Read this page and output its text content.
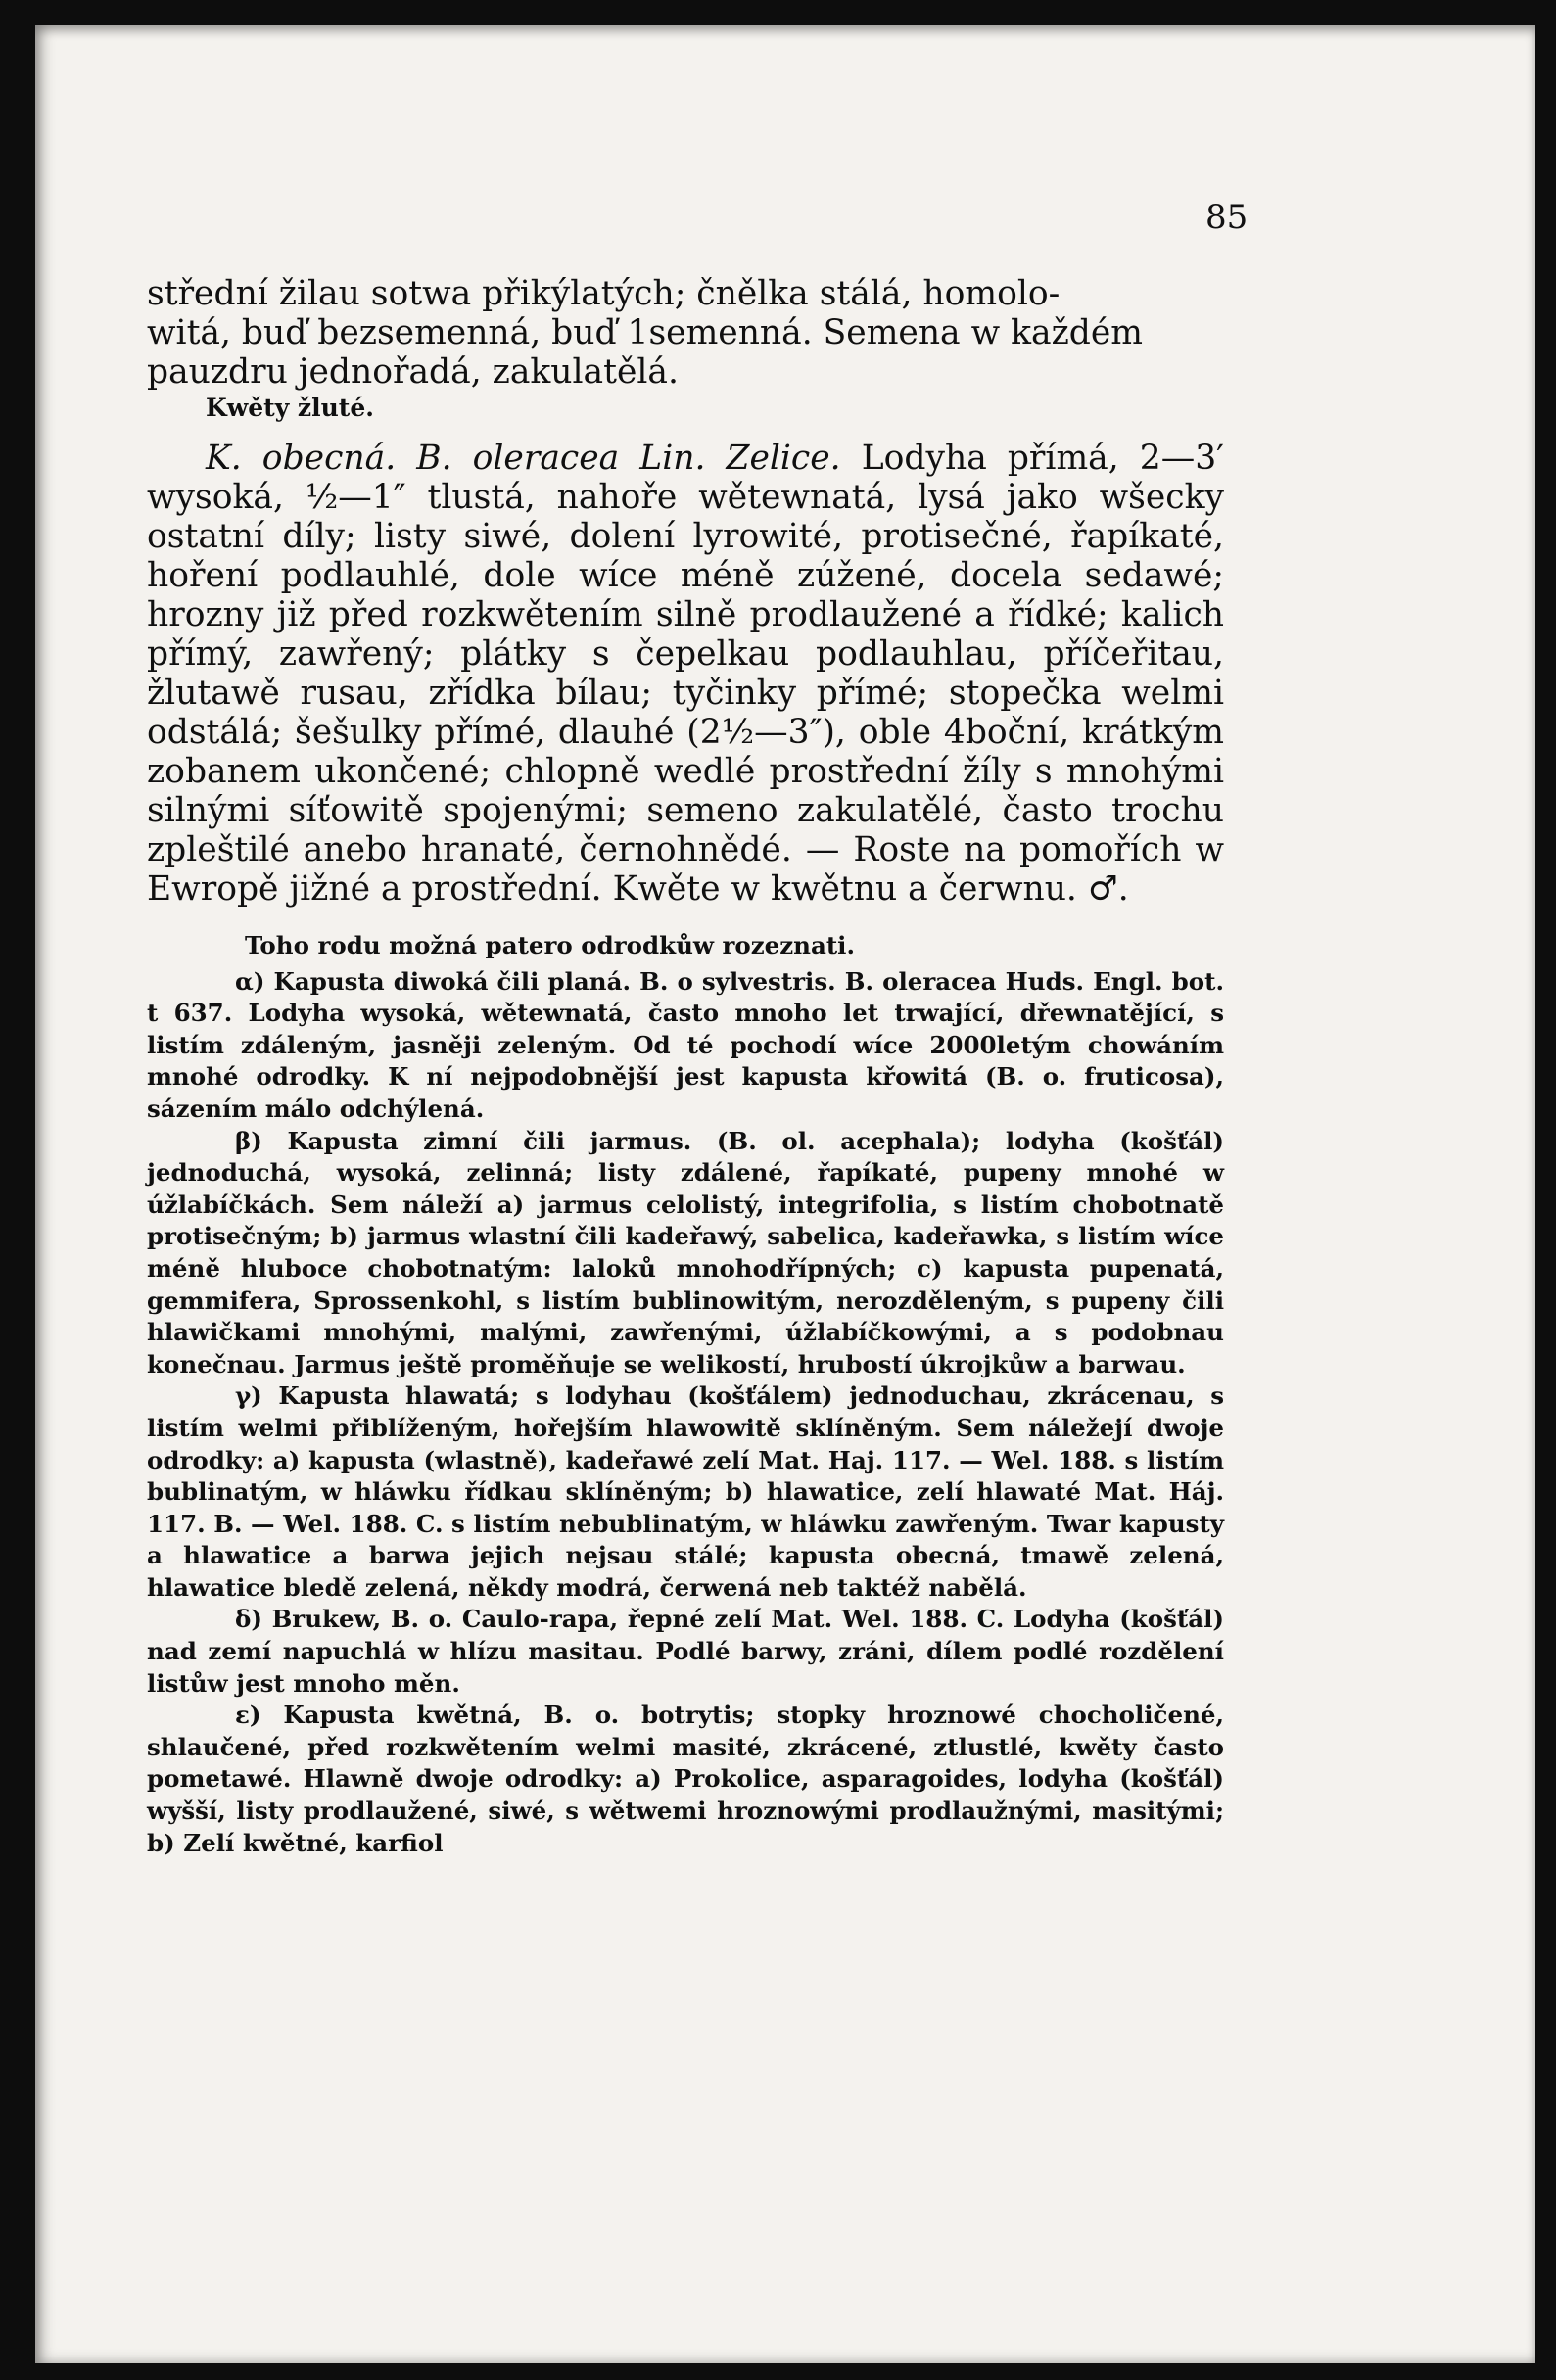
85

střední žilau sotwa přikýlatých; čnělka stálá, homolo-

witá, buď bezsemenná, buď 1semenná. Semena w každém

pauzdru jednořadá, zakulatělá.

Kwěty žluté.

K. obecná. B. oleracea Lin. Zelice. Lodyha přímá, 2—3′ wysoká, ½—1″ tlustá, nahoře wětewnatá, lysá jako wšecky ostatní díly; listy siwé, dolení lyrowité, protisečné, řapíkaté, hoření podlauhlé, dole wíce méně zúžené, docela sedawé; hrozny již před rozkwětením silně prodlaužené a řídké; kalich přímý, zawřený; plátky s čepelkau podlauhlau, příčeřitau, žlutawě rusau, zřídka bílau; tyčinky přímé; stopečka welmi odstálá; šešulky přímé, dlauhé (2½—3″), oble 4boční, krátkým zobanem ukončené; chlopně wedlé prostřední žíly s mnohými silnými síťowitě spojenými; semeno zakulatělé, často trochu zpleštilé anebo hranaté, černohnědé. — Roste na pomořích w Ewropě jižné a prostřední. Kwěte w kwětnu a čerwnu. ♂.

Toho rodu možná patero odrodkůw rozeznati.

α) Kapusta diwoká čili planá. B. o sylvestris. B. oleracea Huds. Engl. bot. t 637. Lodyha wysoká, wětewnatá, často mnoho let trwající, dřewnatějící, s listím zdáleným, jasněji zeleným. Od té pochodí wíce 2000letým chowáním mnohé odrodky. K ní nejpodobnější jest kapusta křowitá (B. o. fruticosa), sázením málo odchýlená.

β) Kapusta zimní čili jarmus. (B. ol. acephala); lodyha (košťál) jednoduchá, wysoká, zelinná; listy zdálené, řapíkaté, pupeny mnohé w úžlabíčkách. Sem náleží a) jarmus celolistý, integrifolia, s listím chobotnatě protisečným; b) jarmus wlastní čili kadeřawý, sabelica, kadeřawka, s listím wíce méně hluboce chobotnatým: laloků mnohodřípných; c) kapusta pupenatá, gemmifera, Sprossenkohl, s listím bublinowitým, nerozděleným, s pupeny čili hlawičkami mnohými, malými, zawřenými, úžlabíčkowými, a s podobnau konečnau. Jarmus ještě proměňuje se welikostí, hrubostí úkrojkůw a barwau.

γ) Kapusta hlawatá; s lodyhau (košťálem) jednoduchau, zkrácenau, s listím welmi přiblíženým, hořejším hlawowitě sklíněným. Sem náležejí dwoje odrodky: a) kapusta (wlastně), kadeřawé zelí Mat. Haj. 117. — Wel. 188. s listím bublinatým, w hláwku řídkau sklíněným; b) hlawatice, zelí hlawaté Mat. Háj. 117. B. — Wel. 188. C. s listím nebublinatým, w hláwku zawřeným. Twar kapusty a hlawatice a barwa jejich nejsau stálé; kapusta obecná, tmawě zelená, hlawatice bledě zelená, někdy modrá, čerwená neb taktéž nabělá.

δ) Brukew, B. o. Caulo-rapa, řepné zelí Mat. Wel. 188. C. Lodyha (košťál) nad zemí napuchlá w hlízu masitau. Podlé barwy, zráni, dílem podlé rozdělení listůw jest mnoho měn.

ε) Kapusta kwětná, B. o. botrytis; stopky hroznowé chocholičené, shlaučené, před rozkwětením welmi masité, zkrácené, ztlustlé, kwěty často pometawé. Hlawně dwoje odrodky: a) Prokolice, asparagoides, lodyha (košťál) wyšší, listy prodlaužené, siwé, s wětwemi hroznowými prodlaužnými, masitými; b) Zelí kwětné, karfiol
